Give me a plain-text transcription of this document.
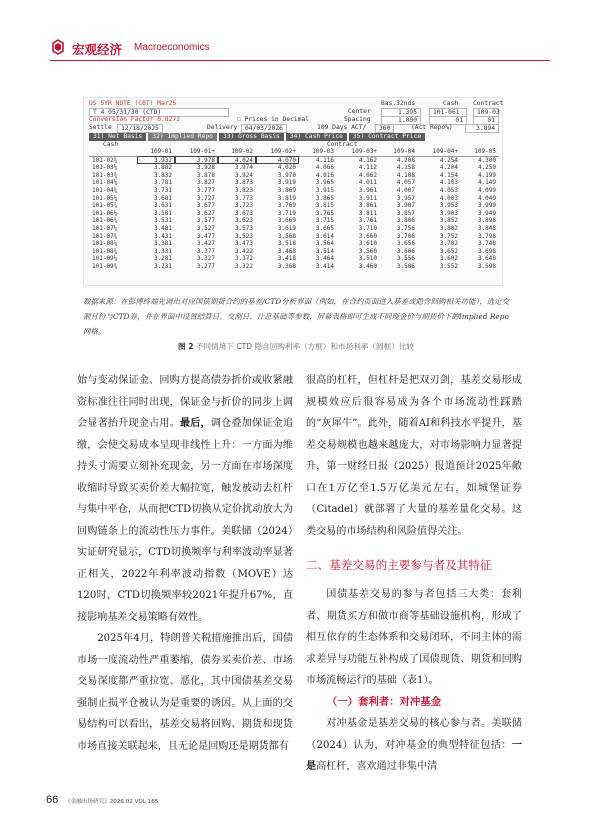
宏观经济 Macroeconomics
US 5YR NOTE (CBT) Mar25	Bas.32nds	Cash Contract
T 4 05/31/30 (CTD)	Center	1.395	101-061	109-03
Conversion Factor 0.8272	☐ Prices in Decimal	Spacing	1.000	01	01
Settle	12/18/2025	Delivery	04/03/2026	109 Days ACT/	360	(Act Repo%)	3.894
31) Net Basis 32) Implied Repo 33) Gross Basis 34) Cash Price 35) Contract Price
Cash	Contract
	109-01	109-01+	109-02	109-02+	109-03	109-03+	109-04	109-04+	109-05
101-02¾	3.932	3.978	4.024	4.070	4.116	4.162	4.208	4.254	4.300
101-03¼	3.882	3.928	3.974	4.020	4.066	4.112	4.158	4.204	4.250
101-03¾	3.832	3.878	3.924	3.970	4.016	4.062	4.108	4.154	4.199
101-04¼	3.781	3.827	3.873	3.919	3.965	4.011	4.057	4.103	4.149
101-04¾	3.731	3.777	3.823	3.869	3.915	3.961	4.007	4.053	4.099
101-05¼	3.681	3.727	3.773	3.819	3.865	3.911	3.957	4.003	4.049
101-05¾	3.631	3.677	3.723	3.769	3.815	3.861	3.907	3.953	3.999
101-06¼	3.581	3.627	3.673	3.719	3.765	3.811	3.857	3.903	3.949
101-06¾	3.531	3.577	3.623	3.669	3.715	3.761	3.806	3.852	3.898
101-07¼	3.481	3.527	3.573	3.619	3.665	3.710	3.756	3.802	3.848
101-07¾	3.431	3.477	3.523	3.568	3.614	3.660	3.706	3.752	3.798
101-08¼	3.381	3.427	3.473	3.518	3.564	3.610	3.656	3.702	3.748
101-08¾	3.331	3.377	3.422	3.468	3.514	3.560	3.606	3.652	3.698
101-09¼	3.281	3.327	3.372	3.418	3.464	3.510	3.556	3.602	3.648
101-09¾	3.231	3.277	3.322	3.368	3.414	3.460	3.506	3.552	3.598
数据来源：在彭博终端先调出对应国债期货合约的基差/CTD分析界面（例如，在合约页面进入基差或隐含回购相关功能），选定交割月份与CTD券，并在界面中设置结算日、交割日、计息基础等参数，屏幕表格即可生成不同现金价与期货价下的Implied Repo网格。
图 2 不同情境下 CTD 隐含回购利率（方框）和市场利率（圆框）比较

始与变动保证金、回购方提高债券折价或收紧融资标准往往同时出现，保证金与折价的同步上调会显著抬升现金占用。最后，调仓叠加保证金追缴，会使交易成本呈现非线性上升：一方面为维持头寸需要立刻补充现金，另一方面在市场深度收缩时导致买卖价差大幅拉宽，触发被动去杠杆与集中平仓，从而把CTD切换从定价扰动放大为回购链条上的流动性压力事件。美联储（2024）实证研究显示，CTD切换频率与利率波动率显著正相关，2022年利率波动指数（MOVE）达120时，CTD切换频率较2021年提升67%，直接影响基差交易策略有效性。

2025年4月，特朗普关税措施推出后，国债市场一度流动性严重萎缩，债券买卖价差、市场交易深度都严重拉宽、恶化，其中国债基差交易强制止损平仓被认为是重要的诱因。从上面的交易结构可以看出，基差交易将回购、期货和现货市场直接关联起来，且无论是回购还是期货都有

很高的杠杆，但杠杆是把双刃剑，基差交易形成规模效应后很容易成为各个市场流动性踩踏的“灰犀牛”。此外，随着AI和科技水平提升，基差交易规模也越来越庞大，对市场影响力显著提升，第一财经日报（2025）报道预计2025年敞口在1万亿至1.5万亿美元左右，如城堡证券（Citadel）就部署了大量的基差量化交易。这类交易的市场结构和风险值得关注。

二、基差交易的主要参与者及其特征

国债基差交易的参与者包括三大类：套利者、期货买方和做市商等基础设施机构，形成了相互依存的生态体系和交易闭环，不同主体的需求差异与功能互补构成了国债现货、期货和回购市场流畅运行的基础（表1）。

（一）套利者：对冲基金

对冲基金是基差交易的核心参与者。美联储（2024）认为，对冲基金的典型特征包括：一是高杠杆，喜欢通过非集中清

66 《金融市场研究》2026.02 VOL.165
